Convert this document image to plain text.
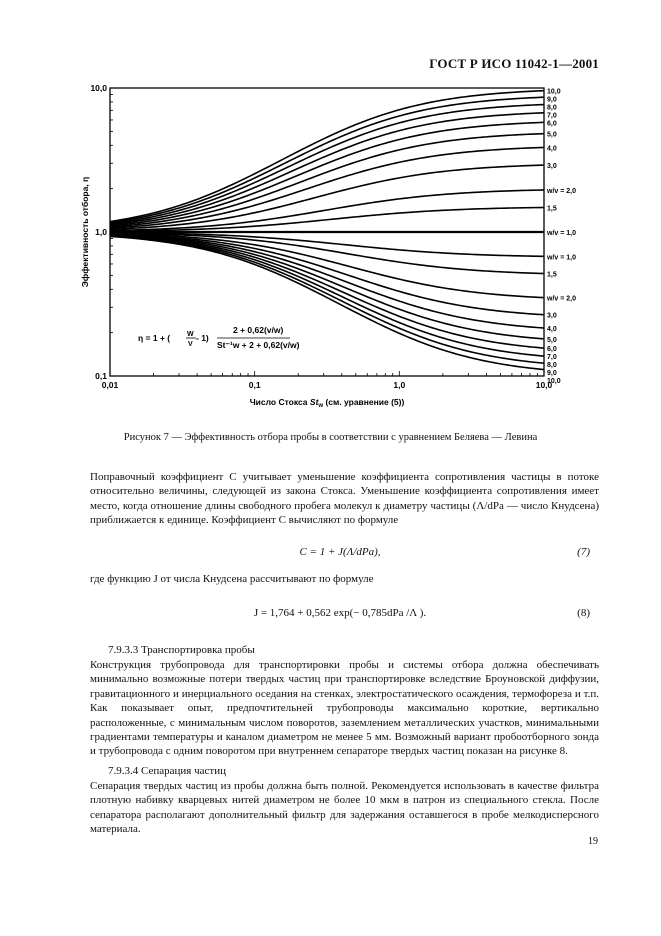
ГОСТ Р ИСО 11042-1—2001
0,01	0,1	1,0	10,0
0,1
1,0
10,0	10,0
9,0
8,0
7,0
6,0
5,0
4,0
3,0
w/v = 2,0
1,5
w/v = 1,0
w/v = 1,0
1,5
w/v = 2,0
3,0
4,0
5,0
6,0
7,0
8,0
9,0
10,0
Эффективность отбора, η
Число Стокса $St_w$ (см. уравнение (5))
η = 1 + ( W
V
- 1)
2 + 0,62(v/w)
St⁻¹w + 2 + 0,62(v/w)
Рисунок 7 — Эффективность отбора пробы в соответствии с уравнением Беляева — Левина
Поправочный коэффициент C учитывает уменьшение коэффициента сопротивления частицы в потоке относительно величины, следующей из закона Стокса. Уменьшение коэффициента сопротивления имеет место, когда отношение длины свободного пробега молекул к диаметру частицы (Λ/dPa — число Кнудсена) приближается к единице. Коэффициент C вычисляют по формуле
C = 1 + J(Λ/dPa),	(7)
где функцию J от числа Кнудсена рассчитывают по формуле
J = 1,764 + 0,562 exp(− 0,785dPa /Λ ).	(8)
7.9.3.3 Транспортировка пробы
Конструкция трубопровода для транспортировки пробы и системы отбора должна обеспечивать минимально возможные потери твердых частиц при транспортировке вследствие Броуновской диффузии, гравитационного и инерциального оседания на стенках, электростатического осаждения, термофореза и т.п. Как показывает опыт, предпочтительней трубопроводы максимально короткие, вертикально расположенные, с минимальным числом поворотов, заземлением металлических участков, минимальными градиентами температуры и каналом диаметром не менее 5 мм. Возможный вариант пробоотборного зонда и трубопровода с одним поворотом при внутреннем сепараторе твердых частиц показан на рисунке 8.
7.9.3.4 Сепарация частиц
Сепарация твердых частиц из пробы должна быть полной. Рекомендуется использовать в качестве фильтра плотную набивку кварцевых нитей диаметром не более 10 мкм в патрон из специального стекла. После сепаратора располагают дополнительный фильтр для задержания оставшегося в пробе мелкодисперсного материала.
19
